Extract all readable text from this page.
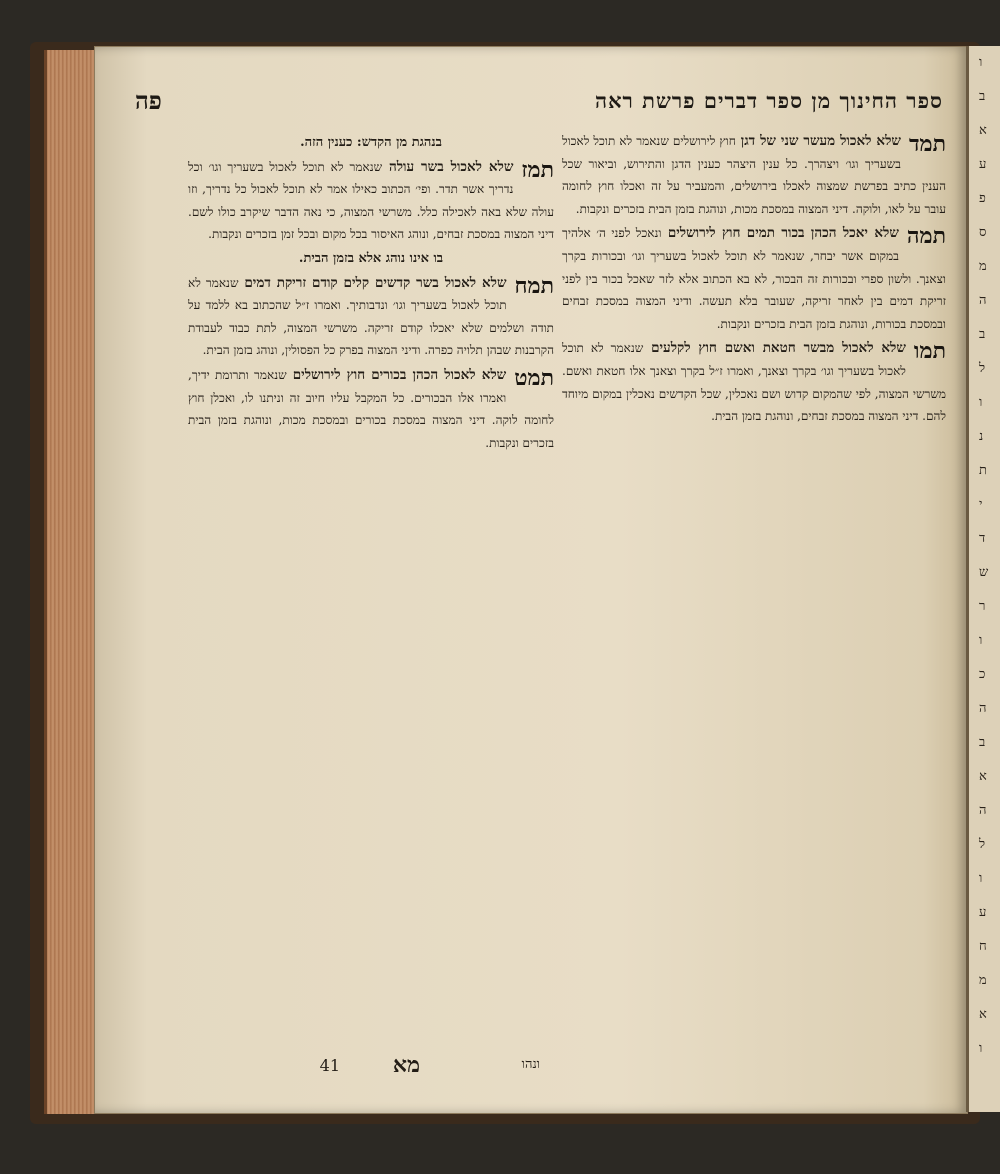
ו
ב
א
ע
פ
ס
מ
ה
ב
ל
ו
נ
ת
י
ד
ש
ר
ו
כ
ה
ב
א
ה
ל
ו
ע
ח
מ
א
ו
ספר החינוך מן ספר דברים פרשת ראה
פה
תמד
שלא לאכול מעשר שני של דגן חוץ לירושלים שנאמר לא תוכל לאכול בשעריך וגו׳ ויצהרך. כל ענין היצהר כענין הדגן והתירוש, וביאור שכל הענין כתיב בפרשת שמצוה לאכלו בירושלים, והמעביר על זה ואכלו חוץ לחומה עובר על לאו, ולוקה. דיני המצוה במסכת מכות, ונוהגת בזמן הבית בזכרים ונקבות.
תמה
שלא יאכל הכהן בכור תמים חוץ לירושלים ונאכל לפני ה׳ אלהיך במקום אשר יבחר, שנאמר לא תוכל לאכול בשעריך וגו׳ ובכורות בקרך וצאנך. ולשון ספרי ובכורות זה הבכור, לא בא הכתוב אלא לזר שאכל בכור בין לפני זריקת דמים בין לאחר זריקה, שעובר בלא תעשה. ודיני המצוה במסכת זבחים ובמסכת בכורות, ונוהגת בזמן הבית בזכרים ונקבות.
תמו
שלא לאכול מבשר חטאת ואשם חוץ לקלעים שנאמר לא תוכל לאכול בשעריך וגו׳ בקרך וצאנך, ואמרו ז״ל בקרך וצאנך אלו חטאת ואשם. משרשי המצוה, לפי שהמקום קדוש ושם נאכלין, שכל הקדשים נאכלין במקום מיוחד להם. דיני המצוה במסכת זבחים, ונוהגת בזמן הבית.
בנהגת מן הקדש: כענין הזה.
תמז
שלא לאכול בשר עולה שנאמר לא תוכל לאכול בשעריך וגו׳ וכל נדריך אשר תדר. ופי׳ הכתוב כאילו אמר לא תוכל לאכול כל נדריך, וזו עולה שלא באה לאכילה כלל. משרשי המצוה, כי נאה הדבר שיקרב כולו לשם. דיני המצוה במסכת זבחים, ונוהג האיסור בכל מקום ובכל זמן בזכרים ונקבות.
בו אינו נוהג אלא בזמן הבית.
תמח
שלא לאכול בשר קדשים קלים קודם זריקת דמים שנאמר לא תוכל לאכול בשעריך וגו׳ ונדבותיך. ואמרו ז״ל שהכתוב בא ללמד על תודה ושלמים שלא יאכלו קודם זריקה. משרשי המצוה, לתת כבוד לעבודת הקרבנות שבהן תלויה כפרה. ודיני המצוה בפרק כל הפסולין, ונוהג בזמן הבית.
תמט
שלא לאכול הכהן בכורים חוץ לירושלים שנאמר ותרומת ידיך, ואמרו אלו הבכורים. כל המקבל עליו חיוב זה וניתנו לו, ואכלן חוץ לחומה לוקה. דיני המצוה במסכת בכורים ובמסכת מכות, ונוהגת בזמן הבית בזכרים ונקבות.
ונהו
מא
41
